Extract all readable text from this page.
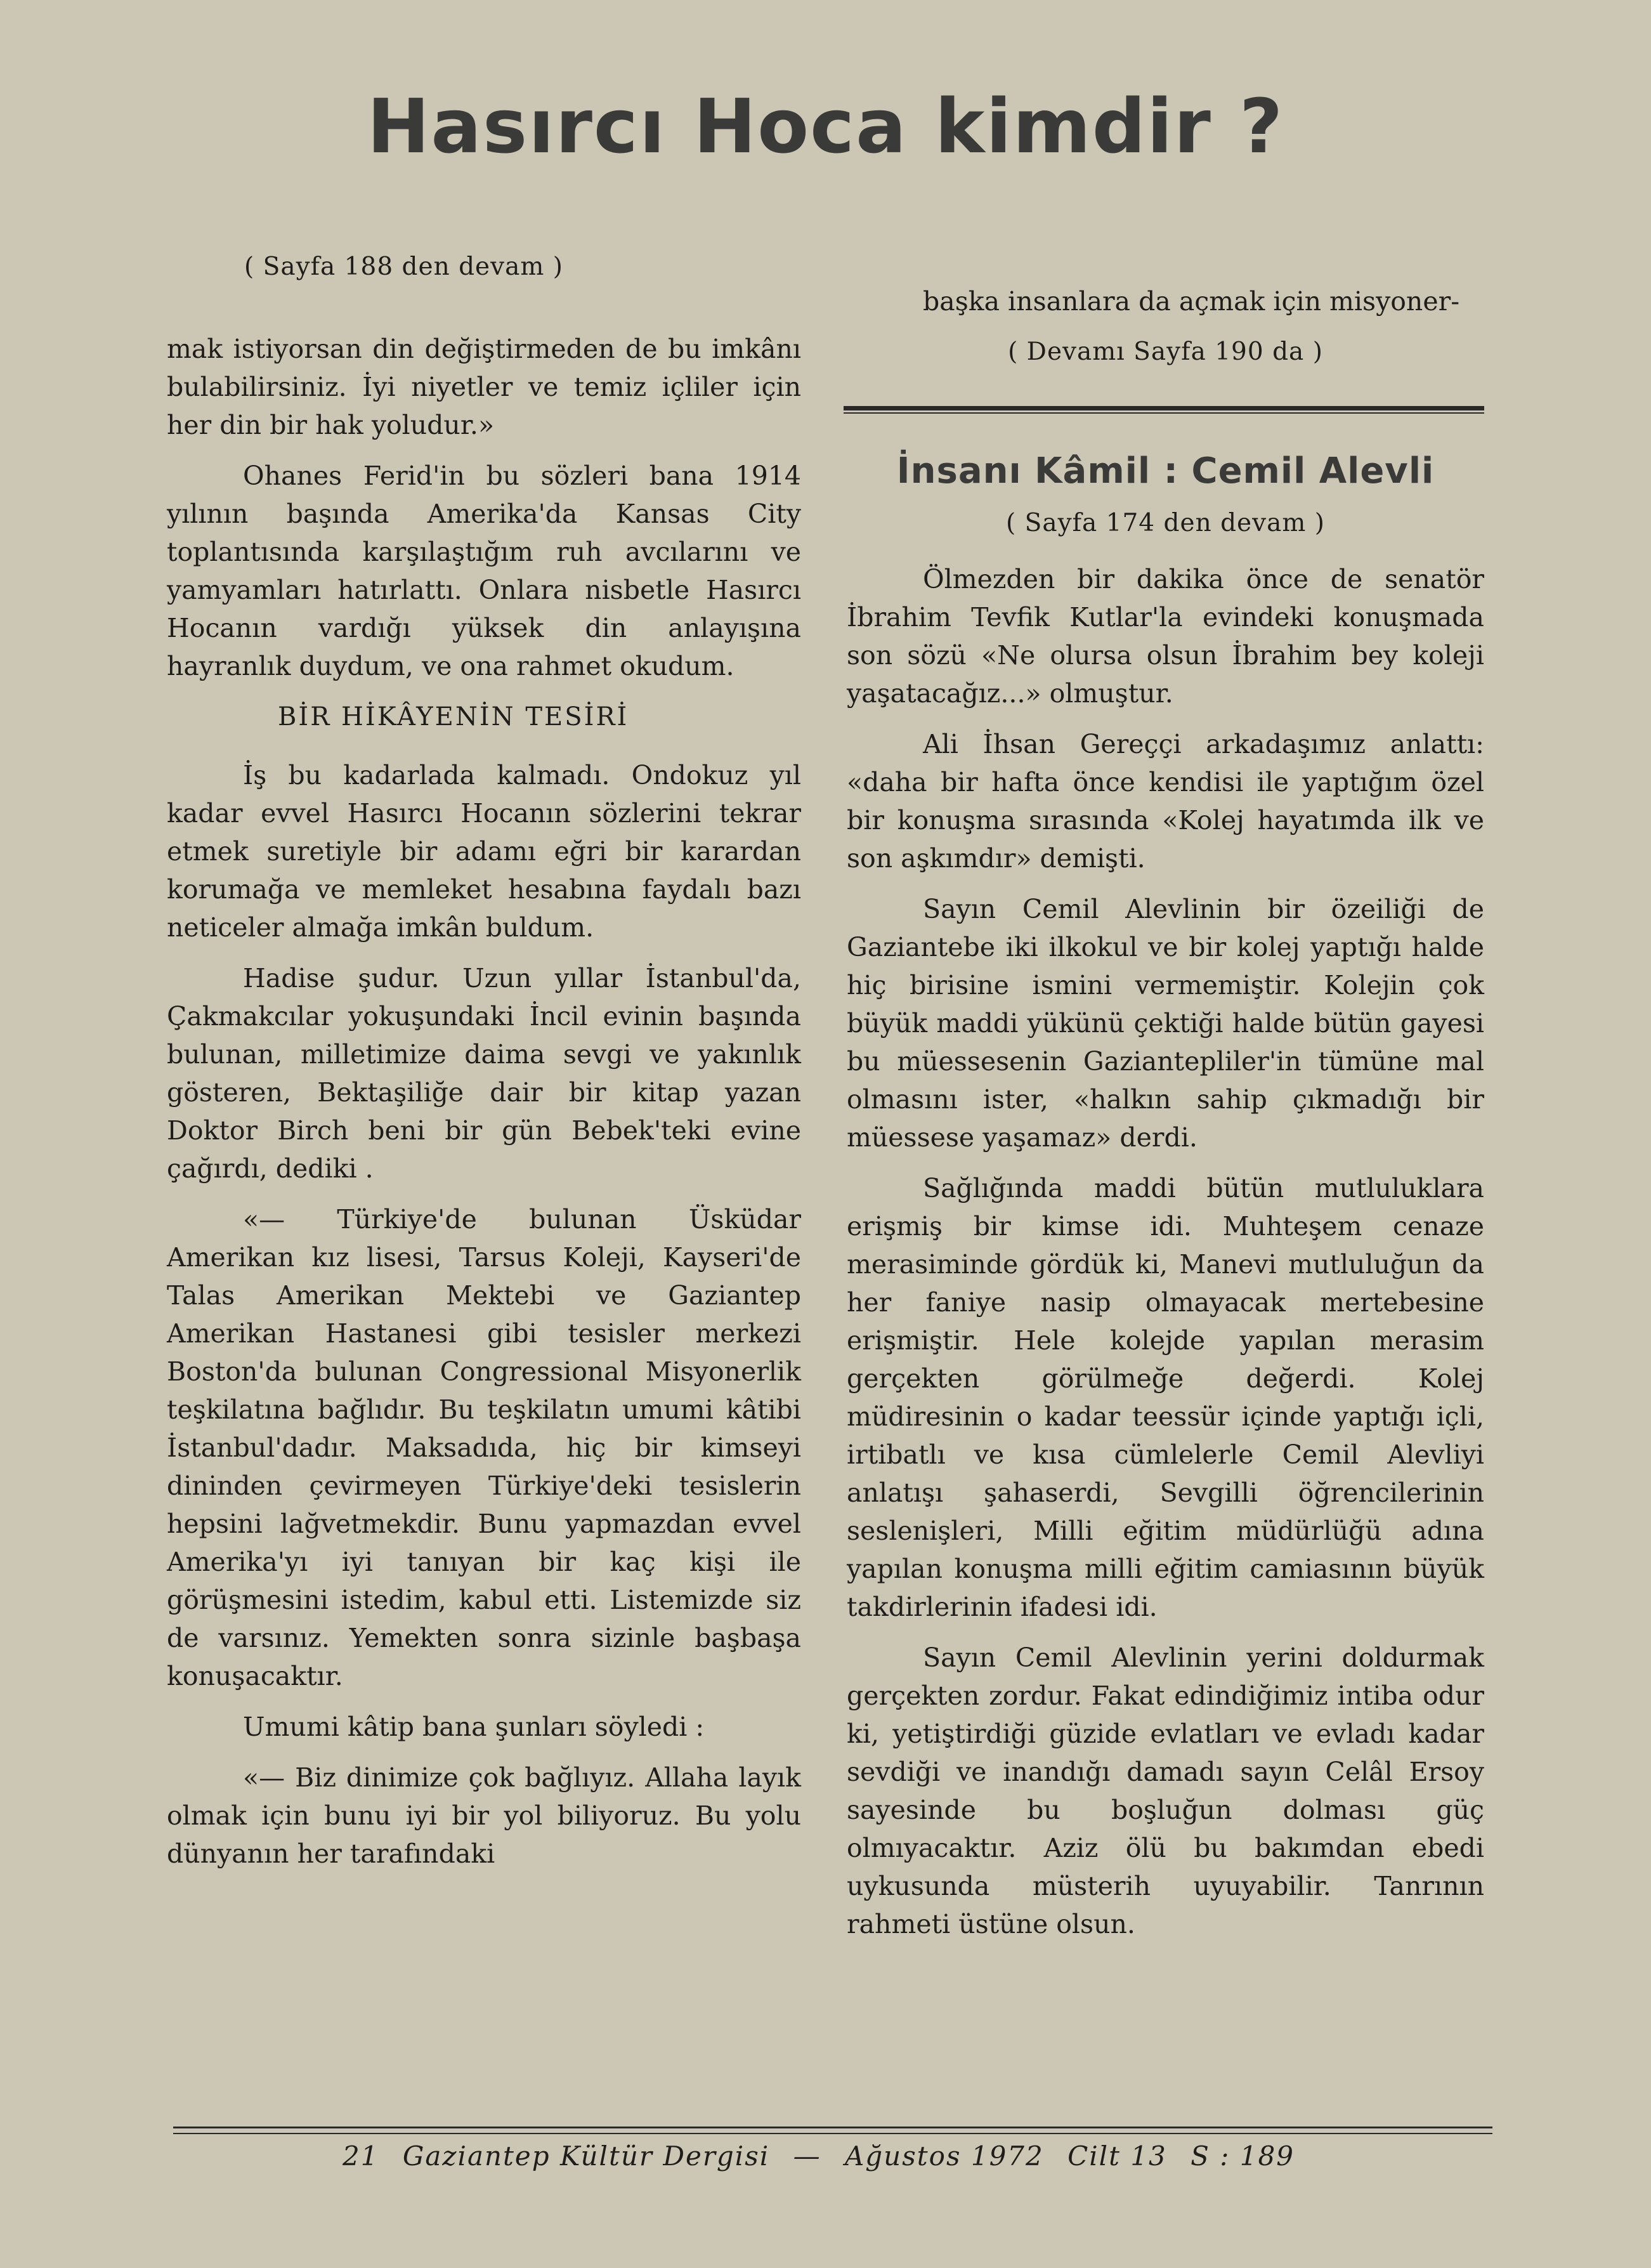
Hasırcı Hoca kimdir ?
( Sayfa 188 den devam )

mak istiyorsan din değiştirmeden de bu imkânı bulabilirsiniz. İyi niyetler ve temiz içliler için her din bir hak yoludur.»

Ohanes Ferid'in bu sözleri bana 1914 yılının başında Amerika'da Kansas City toplantısında karşılaştığım ruh avcılarını ve yamyamları hatırlattı. Onlara nisbetle Hasırcı Hocanın vardığı yüksek din anlayışına hayranlık duydum, ve ona rahmet okudum.

BİR HİKÂYENİN TESİRİ

İş bu kadarlada kalmadı. Ondokuz yıl kadar evvel Hasırcı Hocanın sözlerini tekrar etmek suretiyle bir adamı eğri bir karardan korumağa ve memleket hesabına faydalı bazı neticeler almağa imkân buldum.

Hadise şudur. Uzun yıllar İstanbul'da, Çakmakcılar yokuşundaki İncil evinin başında bulunan, milletimize daima sevgi ve yakınlık gösteren, Bektaşiliğe dair bir kitap yazan Doktor Birch beni bir gün Bebek'teki evine çağırdı, dediki .

«— Türkiye'de bulunan Üsküdar Amerikan kız lisesi, Tarsus Koleji, Kayseri'de Talas Amerikan Mektebi ve Gaziantep Amerikan Hastanesi gibi tesisler merkezi Boston'da bulunan Congressional Misyonerlik teşkilatına bağlıdır. Bu teşkilatın umumi kâtibi İstanbul'dadır. Maksadıda, hiç bir kimseyi dininden çevirmeyen Türkiye'deki tesislerin hepsini lağvetmekdir. Bunu yapmazdan evvel Amerika'yı iyi tanıyan bir kaç kişi ile görüşmesini istedim, kabul etti. Listemizde siz de varsınız. Yemekten sonra sizinle başbaşa konuşacaktır.

Umumi kâtip bana şunları söyledi :

«— Biz dinimize çok bağlıyız. Allaha layık olmak için bunu iyi bir yol biliyoruz. Bu yolu dünyanın her tarafındaki

başka insanlara da açmak için misyoner-

( Devamı Sayfa 190 da )
İnsanı Kâmil : Cemil Alevli
( Sayfa 174 den devam )

Ölmezden bir dakika önce de senatör İbrahim Tevfik Kutlar'la evindeki konuşmada son sözü «Ne olursa olsun İbrahim bey koleji yaşatacağız...» olmuştur.

Ali İhsan Gereççi arkadaşımız anlattı: «daha bir hafta önce kendisi ile yaptığım özel bir konuşma sırasında «Kolej hayatımda ilk ve son aşkımdır» demişti.

Sayın Cemil Alevlinin bir özeiliği de Gaziantebe iki ilkokul ve bir kolej yaptığı halde hiç birisine ismini vermemiştir. Kolejin çok büyük maddi yükünü çektiği halde bütün gayesi bu müessesenin Gaziantepliler'in tümüne mal olmasını ister, «halkın sahip çıkmadığı bir müessese yaşamaz» derdi.

Sağlığında maddi bütün mutluluklara erişmiş bir kimse idi. Muhteşem cenaze merasiminde gördük ki, Manevi mutluluğun da her faniye nasip olmayacak mertebesine erişmiştir. Hele kolejde yapılan merasim gerçekten görülmeğe değerdi. Kolej müdiresinin o kadar teessür içinde yaptığı içli, irtibatlı ve kısa cümlelerle Cemil Alevliyi anlatışı şahaserdi, Sevgilli öğrencilerinin seslenişleri, Milli eğitim müdürlüğü adına yapılan konuşma milli eğitim camiasının büyük takdirlerinin ifadesi idi.

Sayın Cemil Alevlinin yerini doldurmak gerçekten zordur. Fakat edindiğimiz intiba odur ki, yetiştirdiği güzide evlatları ve evladı kadar sevdiği ve inandığı damadı sayın Celâl Ersoy sayesinde bu boşluğun dolması güç olmıyacaktır. Aziz ölü bu bakımdan ebedi uykusunda müsterih uyuyabilir. Tanrının rahmeti üstüne olsun.

21 Gaziantep Kültür Dergisi — Ağustos 1972 Cilt 13 S : 189
